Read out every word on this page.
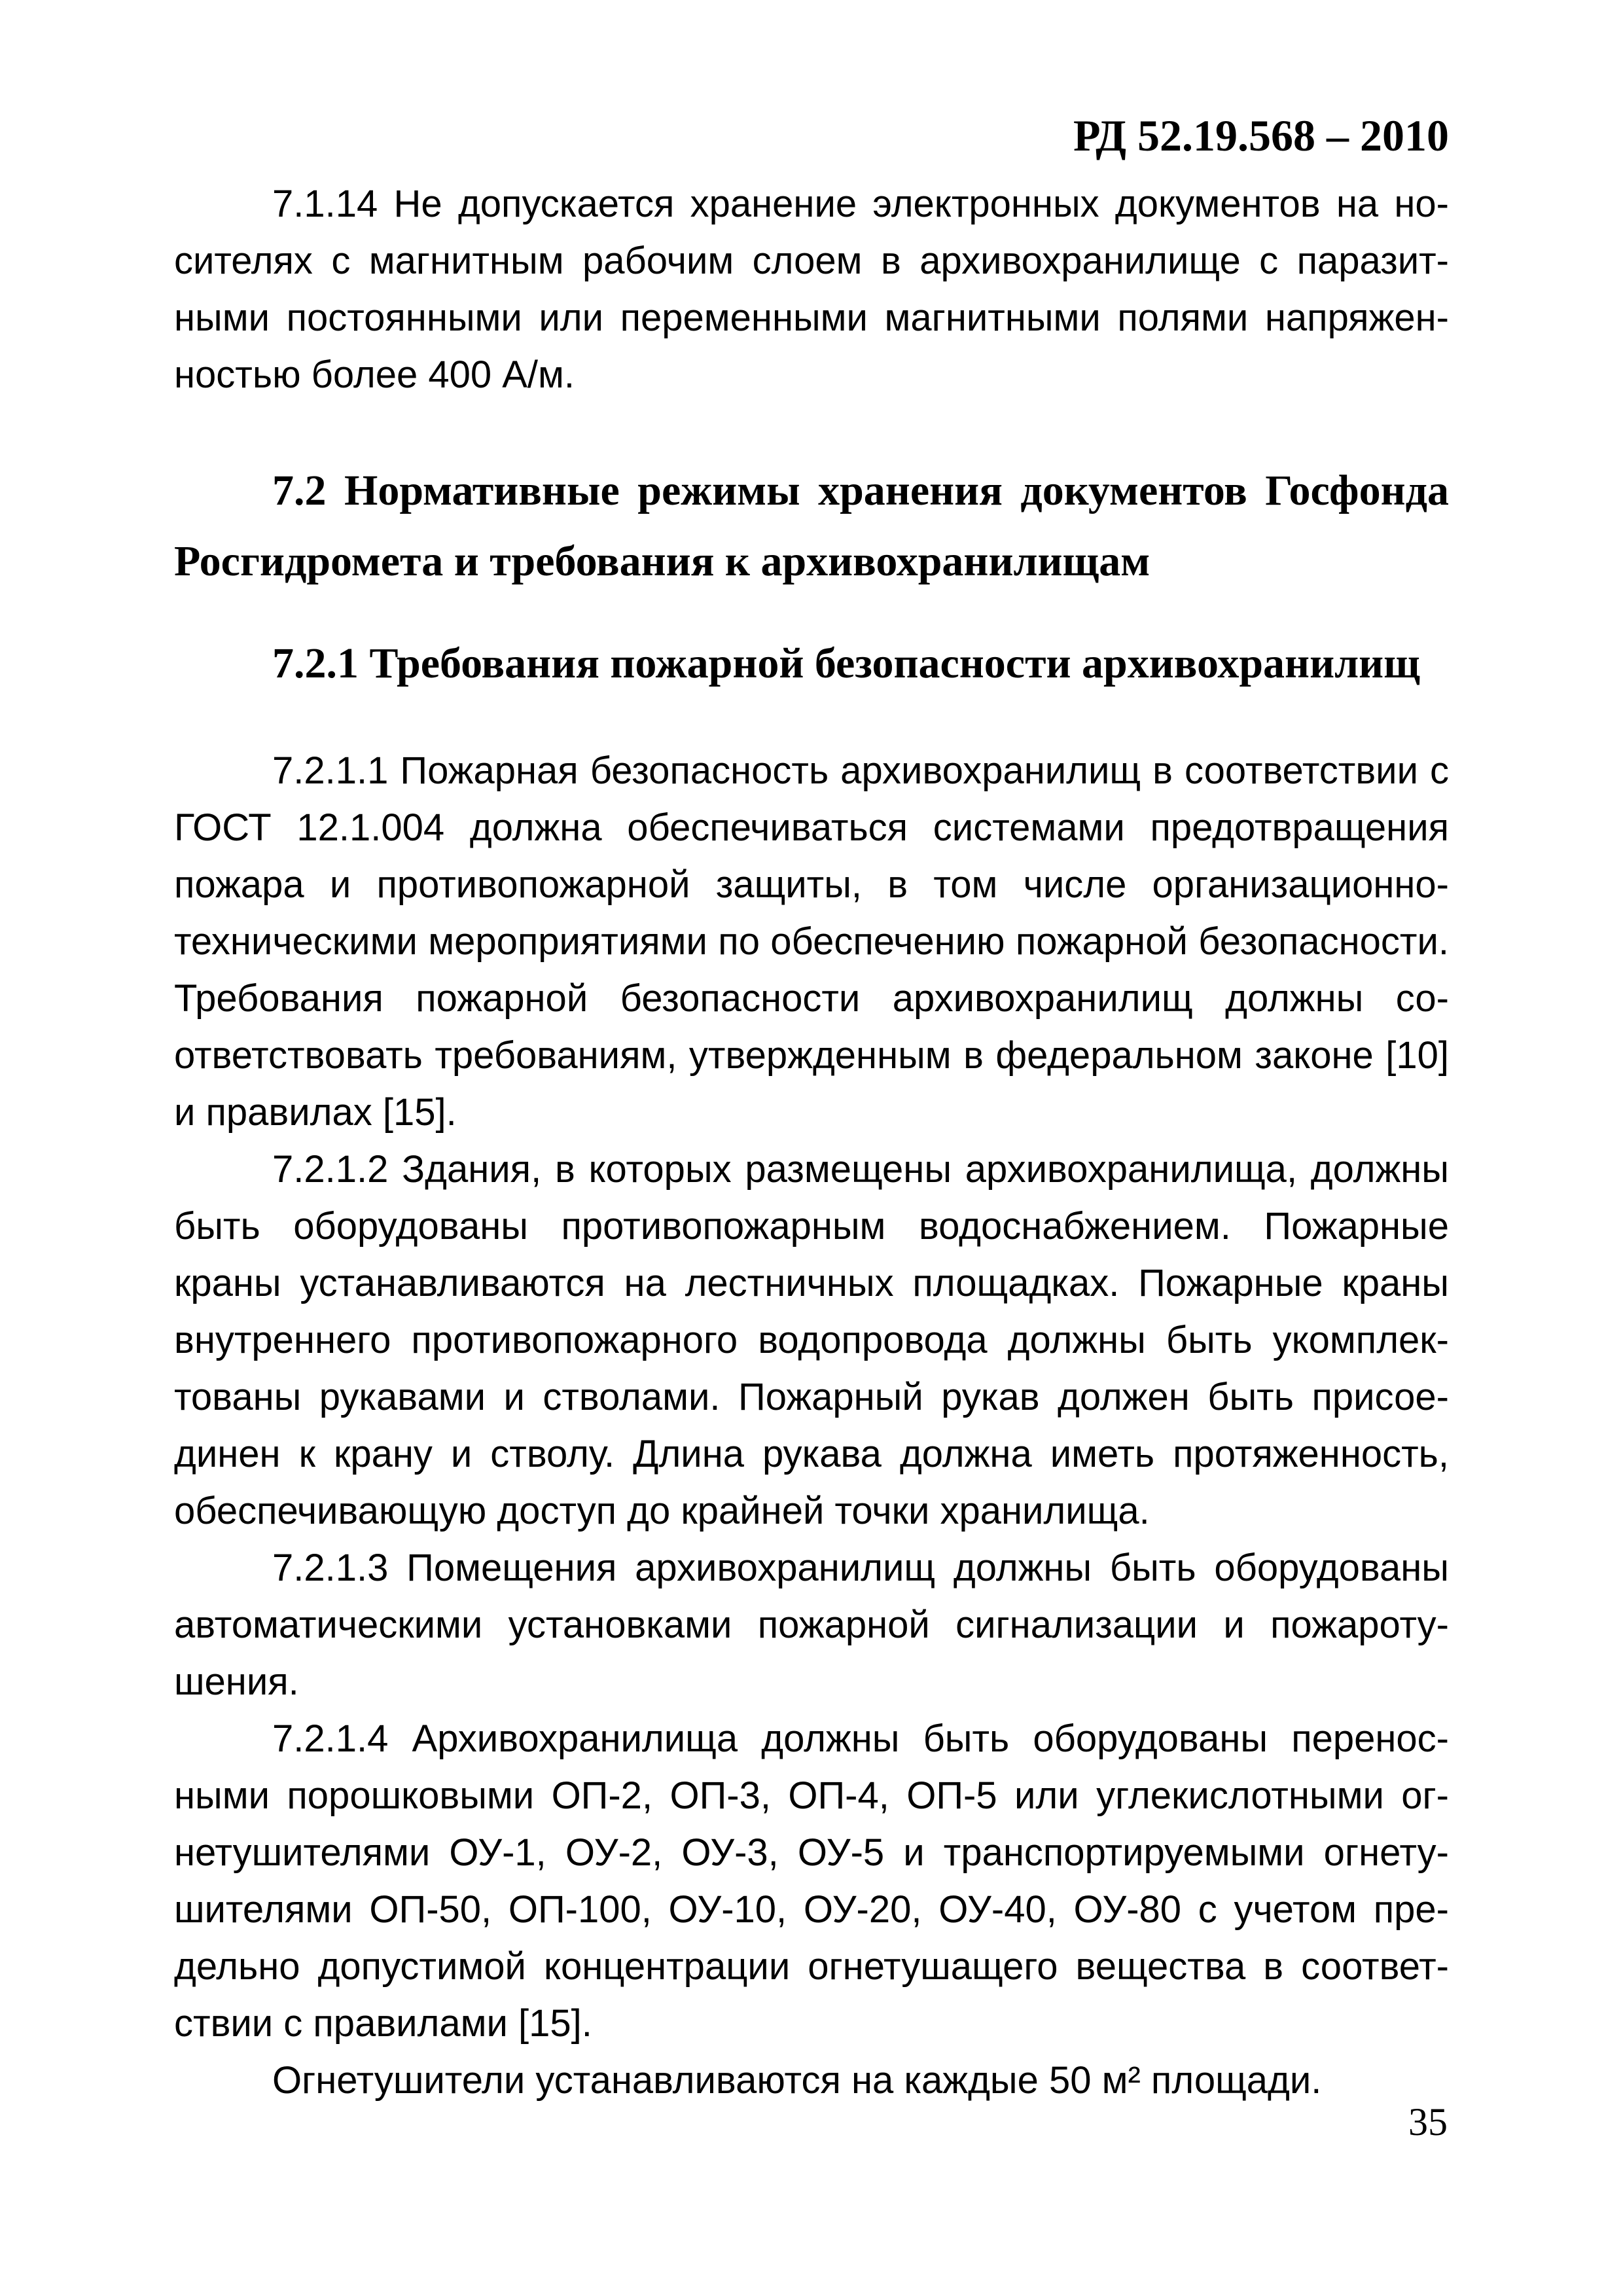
РД 52.19.568 – 2010

7.1.14 Не допускается хранение электронных документов на носителях с магнитным рабочим слоем в архивохранилище с паразитными постоянными или переменными магнитными полями напряженностью более 400 А/м.

7.2 Нормативные режимы хранения документов Госфонда Росгидромета и требования к архивохранилищам
7.2.1 Требования пожарной безопасности архивохранилищ

7.2.1.1 Пожарная безопасность архивохранилищ в соответствии с ГОСТ 12.1.004 должна обеспечиваться системами предотвращения пожара и противопожарной защиты, в том числе организационно-техническими мероприятиями по обеспечению пожарной безопасности. Требования пожарной безопасности архивохранилищ должны соответствовать требованиям, утвержденным в федеральном законе [10] и правилах [15].

7.2.1.2 Здания, в которых размещены архивохранилища, должны быть оборудованы противопожарным водоснабжением. Пожарные краны устанавливаются на лестничных площадках. Пожарные краны внутреннего противопожарного водопровода должны быть укомплектованы рукавами и стволами. Пожарный рукав должен быть присоединен к крану и стволу. Длина рукава должна иметь протяженность, обеспечивающую доступ до крайней точки хранилища.

7.2.1.3 Помещения архивохранилищ должны быть оборудованы автоматическими установками пожарной сигнализации и пожаротушения.

7.2.1.4 Архивохранилища должны быть оборудованы переносными порошковыми ОП-2, ОП-3, ОП-4, ОП-5 или углекислотными огнетушителями ОУ-1, ОУ-2, ОУ-3, ОУ-5 и транспортируемыми огнетушителями ОП-50, ОП-100, ОУ-10, ОУ-20, ОУ-40, ОУ-80 с учетом предельно допустимой концентрации огнетушащего вещества в соответствии с правилами [15].

Огнетушители устанавливаются на каждые 50 м² площади.

35
